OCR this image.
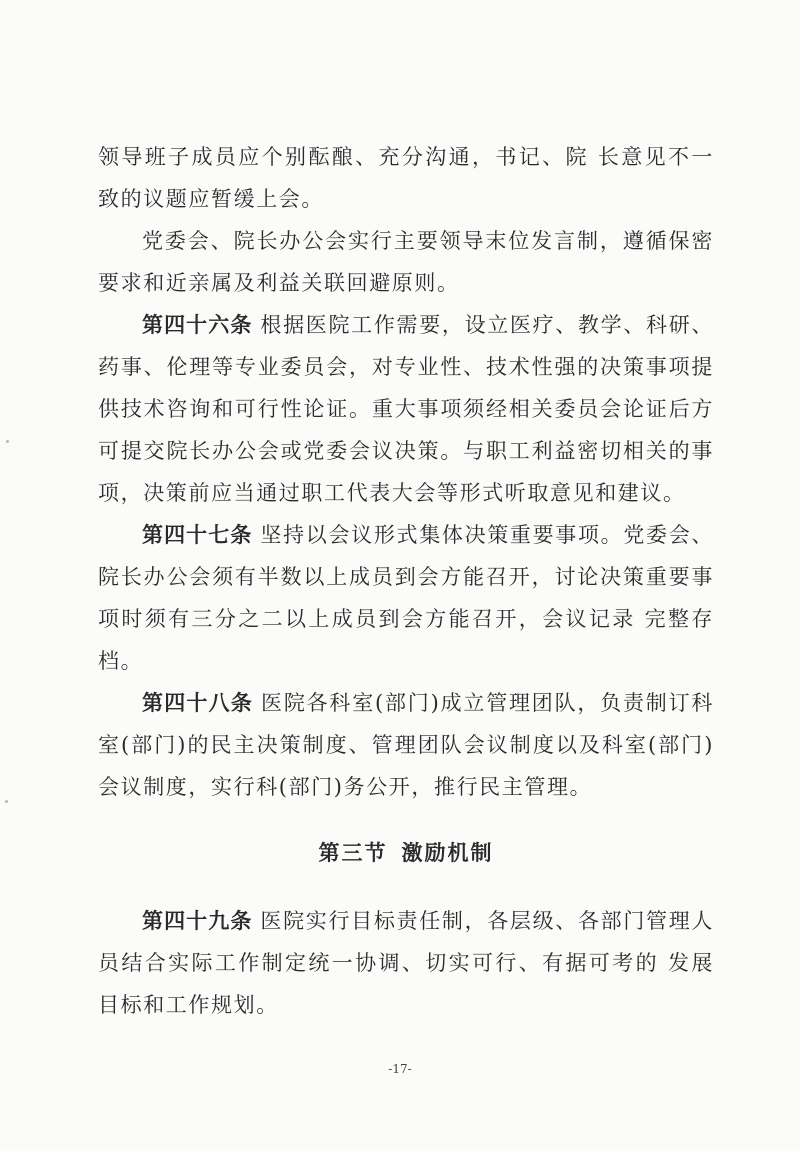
领导班子成员应个别酝酿、充分沟通，书记、院 长意见不一致的议题应暂缓上会。

党委会、院长办公会实行主要领导末位发言制，遵循保密要求和近亲属及利益关联回避原则。

第四十六条 根据医院工作需要，设立医疗、教学、科研、药事、伦理等专业委员会，对专业性、技术性强的决策事项提供技术咨询和可行性论证。重大事项须经相关委员会论证后方可提交院长办公会或党委会议决策。与职工利益密切相关的事项，决策前应当通过职工代表大会等形式听取意见和建议。

第四十七条 坚持以会议形式集体决策重要事项。党委会、院长办公会须有半数以上成员到会方能召开，讨论决策重要事项时须有三分之二以上成员到会方能召开，会议记录 完整存档。

第四十八条 医院各科室(部门)成立管理团队，负责制订科室(部门)的民主决策制度、管理团队会议制度以及科室(部门)会议制度，实行科(部门)务公开，推行民主管理。

第三节 激励机制

第四十九条 医院实行目标责任制，各层级、各部门管理人员结合实际工作制定统一协调、切实可行、有据可考的 发展目标和工作规划。

-17-
